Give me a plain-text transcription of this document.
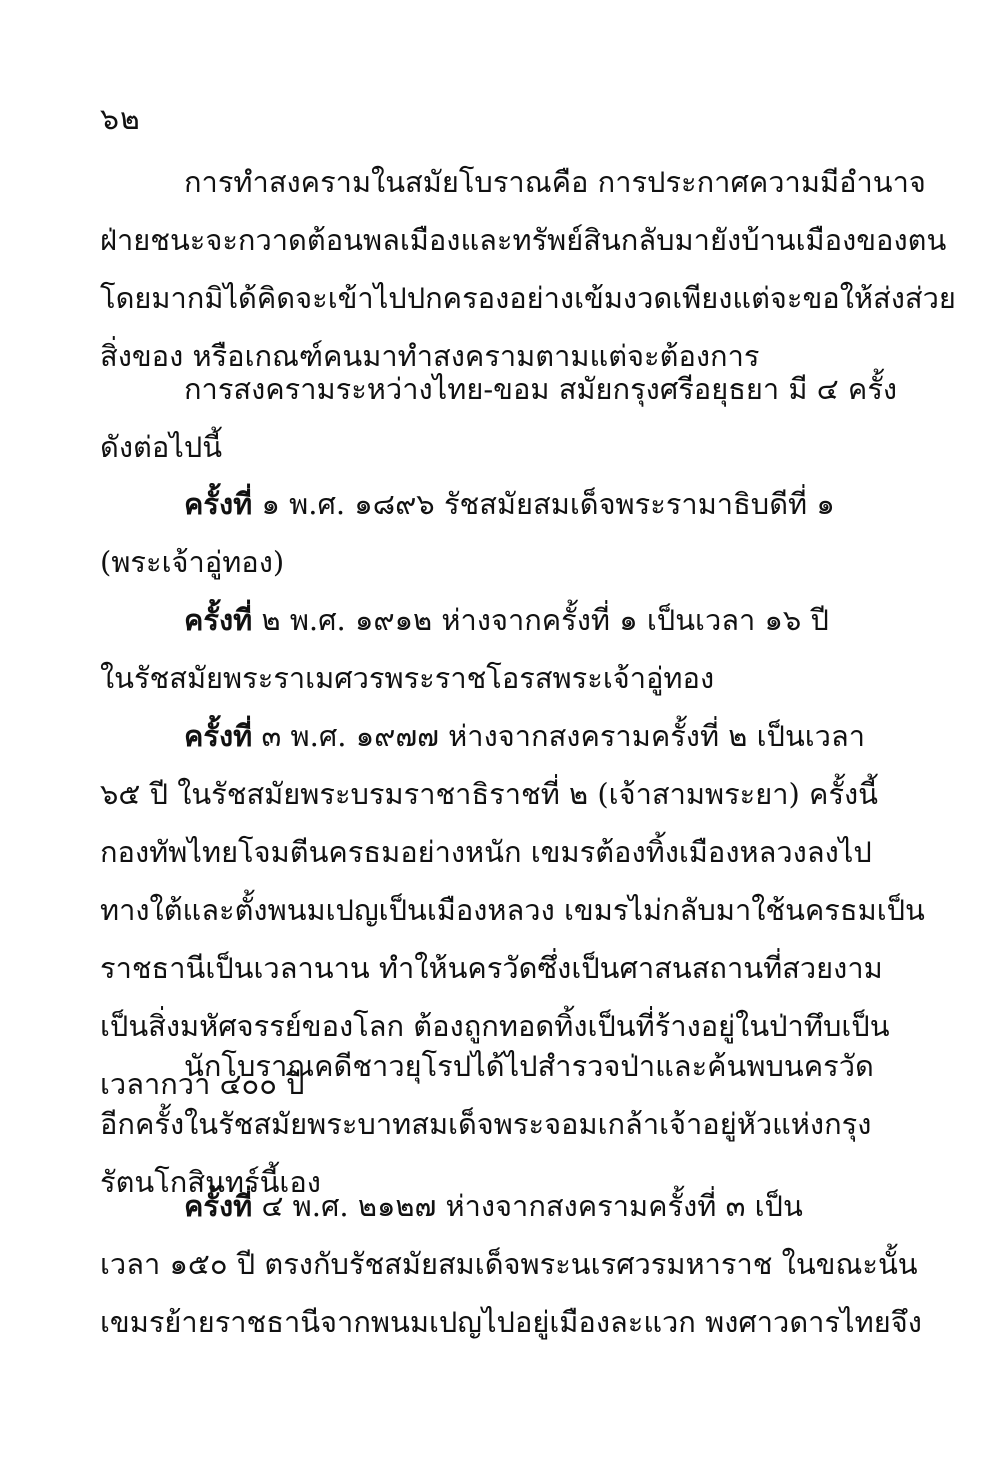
๖๒
การทำสงครามในสมัยโบราณคือ การประกาศความมีอำนาจ
ฝ่ายชนะจะกวาดต้อนพลเมืองและทรัพย์สินกลับมายังบ้านเมืองของตน
โดยมากมิได้คิดจะเข้าไปปกครองอย่างเข้มงวดเพียงแต่จะขอให้ส่งส่วย
สิ่งของ หรือเกณฑ์คนมาทำสงครามตามแต่จะต้องการ
การสงครามระหว่างไทย-ขอม สมัยกรุงศรีอยุธยา มี ๔ ครั้ง
ดังต่อไปนี้
ครั้งที่ ๑ พ.ศ. ๑๘๙๖ รัชสมัยสมเด็จพระรามาธิบดีที่ ๑
(พระเจ้าอู่ทอง)
ครั้งที่ ๒ พ.ศ. ๑๙๑๒ ห่างจากครั้งที่ ๑ เป็นเวลา ๑๖ ปี
ในรัชสมัยพระราเมศวรพระราชโอรสพระเจ้าอู่ทอง
ครั้งที่ ๓ พ.ศ. ๑๙๗๗ ห่างจากสงครามครั้งที่ ๒ เป็นเวลา
๖๕ ปี ในรัชสมัยพระบรมราชาธิราชที่ ๒ (เจ้าสามพระยา) ครั้งนี้
กองทัพไทยโจมตีนครธมอย่างหนัก เขมรต้องทิ้งเมืองหลวงลงไป
ทางใต้และตั้งพนมเปญเป็นเมืองหลวง เขมรไม่กลับมาใช้นครธมเป็น
ราชธานีเป็นเวลานาน ทำให้นครวัดซึ่งเป็นศาสนสถานที่สวยงาม
เป็นสิ่งมหัศจรรย์ของโลก ต้องถูกทอดทิ้งเป็นที่ร้างอยู่ในป่าทึบเป็น
เวลากว่า ๔๐๐ ปี
นักโบราณคดีชาวยุโรปได้ไปสำรวจป่าและค้นพบนครวัด
อีกครั้งในรัชสมัยพระบาทสมเด็จพระจอมเกล้าเจ้าอยู่หัวแห่งกรุง
รัตนโกสินทร์นี้เอง
ครั้งที่ ๔ พ.ศ. ๒๑๒๗ ห่างจากสงครามครั้งที่ ๓ เป็น
เวลา ๑๕๐ ปี ตรงกับรัชสมัยสมเด็จพระนเรศวรมหาราช ในขณะนั้น
เขมรย้ายราชธานีจากพนมเปญไปอยู่เมืองละแวก พงศาวดารไทยจึง
